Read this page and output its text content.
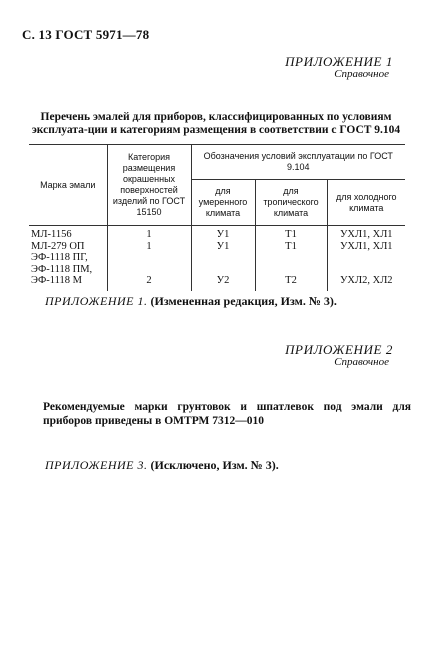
С. 13 ГОСТ 5971—78
ПРИЛОЖЕНИЕ 1
Справочное
Перечень эмалей для приборов, классифицированных по условиям эксплуата-ции и категориям размещения в соответствии с ГОСТ 9.104
Марка эмали	Категория размещения окрашенных поверхностей изделий по ГОСТ 15150	Обозначения условий эксплуатации по ГОСТ 9.104		
		для умеренного климата	для тропического климата	для холодного климата
МЛ-1156	1	У1	Т1	УХЛ1, ХЛ1
МЛ-279 ОП	1	У1	Т1	УХЛ1, ХЛ1
ЭФ-1118 ПГ,				
ЭФ-1118 ПМ,				
ЭФ-1118 М	2	У2	Т2	УХЛ2, ХЛ2
ПРИЛОЖЕНИЕ 1. (Измененная редакция, Изм. № 3).
ПРИЛОЖЕНИЕ 2
Справочное
Рекомендуемые марки грунтовок и шпатлевок под эмали для приборов приведены в ОМТРМ 7312—010
ПРИЛОЖЕНИЕ 3. (Исключено, Изм. № 3).
